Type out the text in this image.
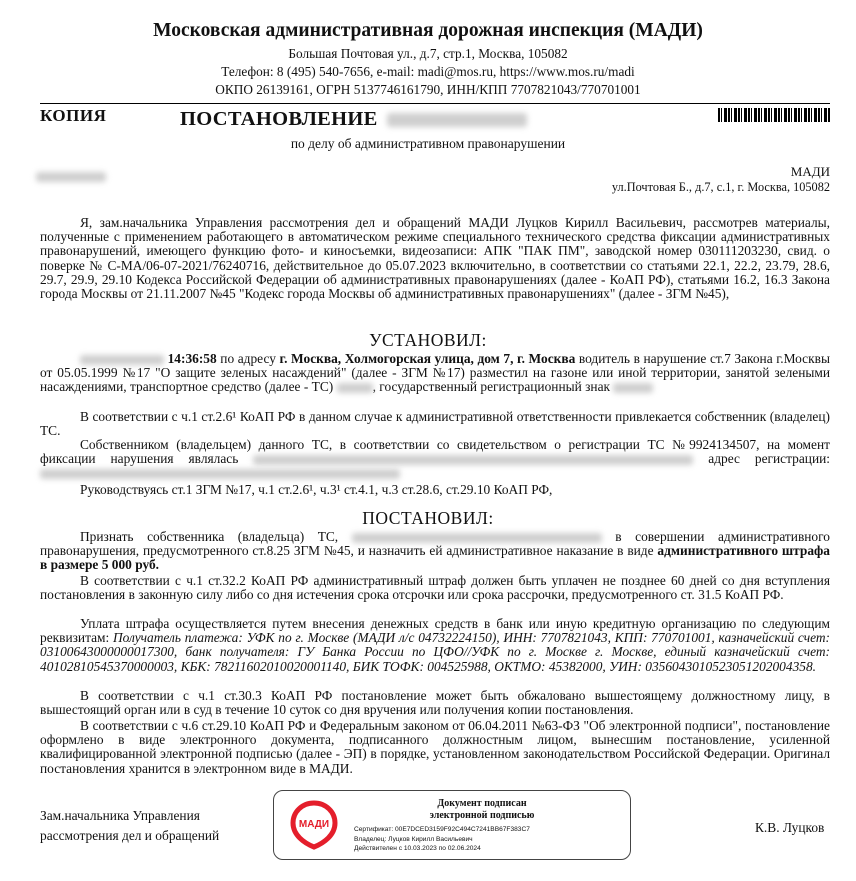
Московская административная дорожная инспекция (МАДИ)
Большая Почтовая ул., д.7, стр.1, Москва, 105082
Телефон: 8 (495) 540-7656, e-mail: madi@mos.ru, https://www.mos.ru/madi
ОКПО 26139161, ОГРН 5137746161790, ИНН/КПП 7707821043/770701001
КОПИЯ	ПОСТАНОВЛЕНИЕ
по делу об административном правонарушении
МАДИ
ул.Почтовая Б., д.7, с.1, г. Москва, 105082
Я, зам.начальника Управления рассмотрения дел и обращений МАДИ Луцков Кирилл Васильевич, рассмотрев материалы, полученные с применением работающего в автоматическом режиме специального технического средства фиксации административных правонарушений, имеющего функцию фото- и киносъемки, видеозаписи: АПК "ПАК ПМ", заводской номер 030111203230, свид. о поверке № С-МА/06-07-2021/76240716, действительное до 05.07.2023 включительно, в соответствии со статьями 22.1, 22.2, 23.79, 28.6, 29.7, 29.9, 29.10 Кодекса Российской Федерации об административных правонарушениях (далее - КоАП РФ), статьями 16.2, 16.3 Закона города Москвы от 21.11.2007 №45 "Кодекс города Москвы об административных правонарушениях" (далее - ЗГМ №45),
УСТАНОВИЛ:
14:36:58 по адресу г. Москва, Холмогорская улица, дом 7, г. Москва водитель в нарушение ст.7 Закона г.Москвы от 05.05.1999 №17 "О защите зеленых насаждений" (далее - ЗГМ №17) разместил на газоне или иной территории, занятой зелеными насаждениями, транспортное средство (далее - ТС)	, государственный регистрационный знак
В соответствии с ч.1 ст.2.6¹ КоАП РФ в данном случае к административной ответственности привлекается собственник (владелец) ТС.
Собственником (владельцем) данного ТС, в соответствии со свидетельством о регистрации ТС №9924134507, на момент фиксации нарушения являлась	адрес регистрации:
Руководствуясь ст.1 ЗГМ №17, ч.1 ст.2.6¹, ч.3¹ ст.4.1, ч.3 ст.28.6, ст.29.10 КоАП РФ,
ПОСТАНОВИЛ:
Признать собственника (владельца) ТС,	в совершении административного правонарушения, предусмотренного ст.8.25 ЗГМ №45, и назначить ей административное наказание в виде административного штрафа в размере 5 000 руб.
В соответствии с ч.1 ст.32.2 КоАП РФ административный штраф должен быть уплачен не позднее 60 дней со дня вступления постановления в законную силу либо со дня истечения срока отсрочки или срока рассрочки, предусмотренного ст. 31.5 КоАП РФ.
Уплата штрафа осуществляется путем внесения денежных средств в банк или иную кредитную организацию по следующим реквизитам: Получатель платежа: УФК по г. Москве (МАДИ л/с 04732224150), ИНН: 7707821043, КПП: 770701001, казначейский счет: 03100643000000017300, банк получателя: ГУ Банка России по ЦФО//УФК по г. Москве г. Москве, единый казначейский счет: 40102810545370000003, КБК: 78211602010020001140, БИК ТОФК: 004525988, ОКТМО: 45382000, УИН: 0356043010523051202004358.
В соответствии с ч.1 ст.30.3 КоАП РФ постановление может быть обжаловано вышестоящему должностному лицу, в вышестоящий орган или в суд в течение 10 суток со дня вручения или получения копии постановления.
В соответствии с ч.6 ст.29.10 КоАП РФ и Федеральным законом от 06.04.2011 №63-ФЗ "Об электронной подписи", постановление оформлено в виде электронного документа, подписанного должностным лицом, вынесшим постановление, усиленной квалифицированной электронной подписью (далее - ЭП) в порядке, установленном законодательством Российской Федерации. Оригинал постановления хранится в электронном виде в МАДИ.
Зам.начальника Управления
рассмотрения дел и обращений
МАДИ
Документ подписан
электронной подписью
Сертификат: 00E7DCED3159F92C494C7241BB67F383C7
Владелец: Луцков Кирилл Васильевич
Действителен с 10.03.2023 по 02.06.2024
К.В. Луцков
